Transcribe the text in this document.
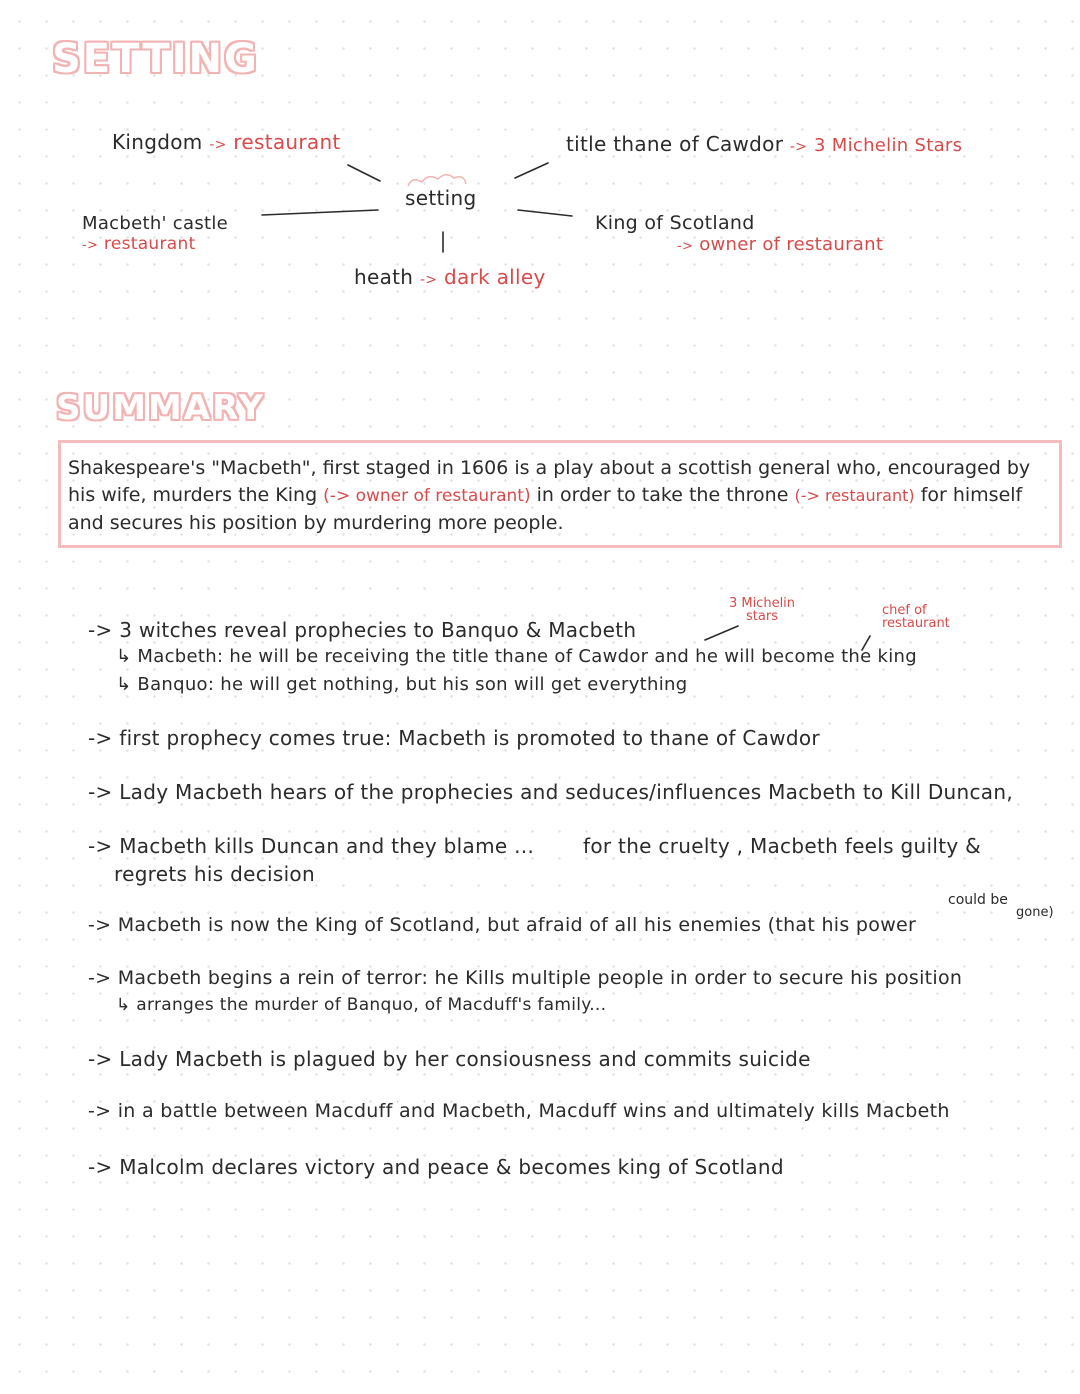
SETTING
Kingdom -> restaurant	title thane of Cawdor -> 3 Michelin Stars
setting
Macbeth' castle
-> restaurant
King of Scotland
-> owner of restaurant
heath -> dark alley
SUMMARY
Shakespeare's "Macbeth", first staged in 1606 is a play about a scottish general who, encouraged by his wife, murders the King (-> owner of restaurant) in order to take the throne (-> restaurant) for himself and secures his position by murdering more people.
3 Michelin stars	chef of restaurant
-> 3 witches reveal prophecies to Banquo & Macbeth
↳ Macbeth: he will be receiving the title thane of Cawdor and he will become the king
↳ Banquo: he will get nothing, but his son will get everything
-> first prophecy comes true: Macbeth is promoted to thane of Cawdor
-> Lady Macbeth hears of the prophecies and seduces/influences Macbeth to Kill Duncan,
-> Macbeth kills Duncan and they blame ... for the cruelty , Macbeth feels guilty &
regrets his decision
-> Macbeth is now the King of Scotland, but afraid of all his enemies (that his power
could be
gone)
-> Macbeth begins a rein of terror: he Kills multiple people in order to secure his position
↳ arranges the murder of Banquo, of Macduff's family...
-> Lady Macbeth is plagued by her consiousness and commits suicide
-> in a battle between Macduff and Macbeth, Macduff wins and ultimately kills Macbeth
-> Malcolm declares victory and peace & becomes king of Scotland
